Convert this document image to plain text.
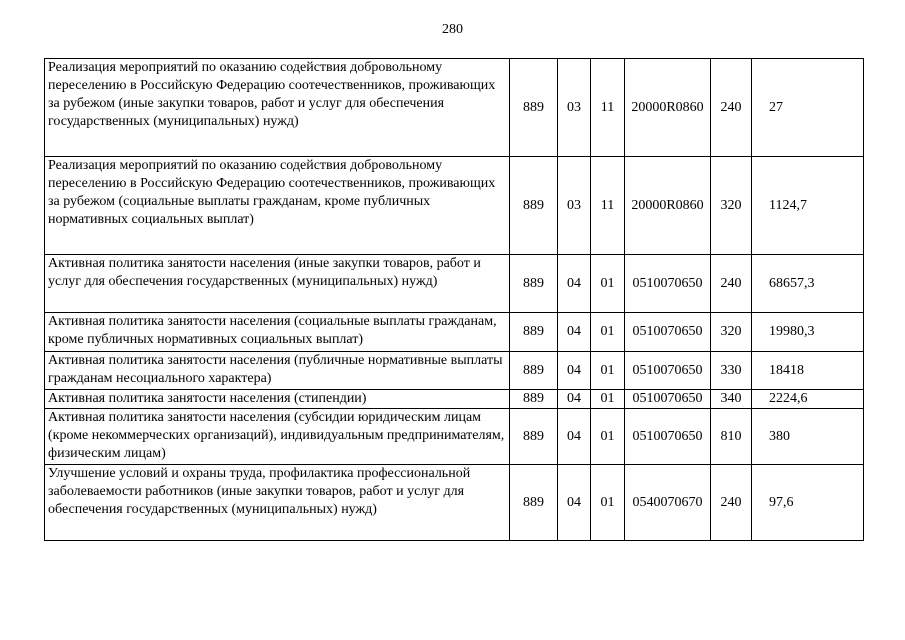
280
Реализация мероприятий по оказанию содействия добровольному переселению в Российскую Федерацию соотечественников, проживающих за рубежом (иные закупки товаров, работ и услуг для обеспечения государственных (муниципальных) нужд)	889	03	11	20000R0860	240	27
Реализация мероприятий по оказанию содействия добровольному переселению в Российскую Федерацию соотечественников, проживающих за рубежом (социальные выплаты гражданам, кроме публичных нормативных социальных выплат)	889	03	11	20000R0860	320	1124,7
Активная политика занятости населения (иные закупки товаров, работ и услуг для обеспечения государственных (муниципальных) нужд)	889	04	01	0510070650	240	68657,3
Активная политика занятости населения (социальные выплаты гражданам, кроме публичных нормативных социальных выплат)	889	04	01	0510070650	320	19980,3
Активная политика занятости населения (публичные нормативные выплаты гражданам несоциального характера)	889	04	01	0510070650	330	18418
Активная политика занятости населения (стипендии)	889	04	01	0510070650	340	2224,6
Активная политика занятости населения (субсидии юридическим лицам (кроме некоммерческих организаций), индивидуальным предпринимателям, физическим лицам)	889	04	01	0510070650	810	380
Улучшение условий и охраны труда, профилактика профессиональной заболеваемости работников (иные закупки товаров, работ и услуг для обеспечения государственных (муниципальных) нужд)	889	04	01	0540070670	240	97,6
